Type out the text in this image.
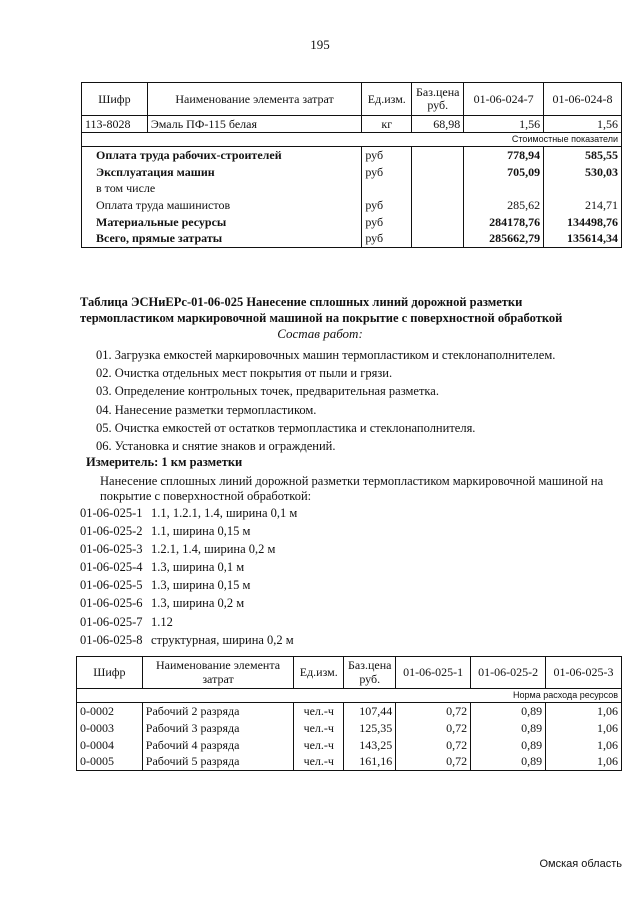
195
Шифр	Наименование элемента затрат	Ед.изм.	Баз.цена руб.	01-06-024-7	01-06-024-8
113-8028	Эмаль ПФ-115 белая	кг	68,98	1,56	1,56
Стоимостные показатели					
Оплата труда рабочих-строителей		руб		778,94	585,55
Эксплуатация машин		руб		705,09	530,03
в том числе					
Оплата труда машинистов		руб		285,62	214,71
Материальные ресурсы		руб		284178,76	134498,76
Всего, прямые затраты		руб		285662,79	135614,34
Таблица ЭСНиЕРс-01-06-025 Нанесение сплошных линий дорожной разметки
термопластиком маркировочной машиной на покрытие с поверхностной обработкой
Состав работ:
01. Загрузка емкостей маркировочных машин термопластиком и стеклонаполнителем.
02. Очистка отдельных мест покрытия от пыли и грязи.
03. Определение контрольных точек, предварительная разметка.
04. Нанесение разметки термопластиком.
05. Очистка емкостей от остатков термопластика и стеклонаполнителя.
06. Установка и снятие знаков и ограждений.
Измеритель: 1 км разметки
Нанесение сплошных линий дорожной разметки термопластиком маркировочной машиной на покрытие с поверхностной обработкой:
01-06-025-1 1.1, 1.2.1, 1.4, ширина 0,1 м
01-06-025-2 1.1, ширина 0,15 м
01-06-025-3 1.2.1, 1.4, ширина 0,2 м
01-06-025-4 1.3, ширина 0,1 м
01-06-025-5 1.3, ширина 0,15 м
01-06-025-6 1.3, ширина 0,2 м
01-06-025-7 1.12
01-06-025-8 структурная, ширина 0,2 м
Шифр	Наименование элемента затрат	Ед.изм.	Баз.цена руб.	01-06-025-1	01-06-025-2	01-06-025-3
Норма расхода ресурсов						
0-0002	Рабочий 2 разряда	чел.-ч	107,44	0,72	0,89	1,06
0-0003	Рабочий 3 разряда	чел.-ч	125,35	0,72	0,89	1,06
0-0004	Рабочий 4 разряда	чел.-ч	143,25	0,72	0,89	1,06
0-0005	Рабочий 5 разряда	чел.-ч	161,16	0,72	0,89	1,06
Омская область
